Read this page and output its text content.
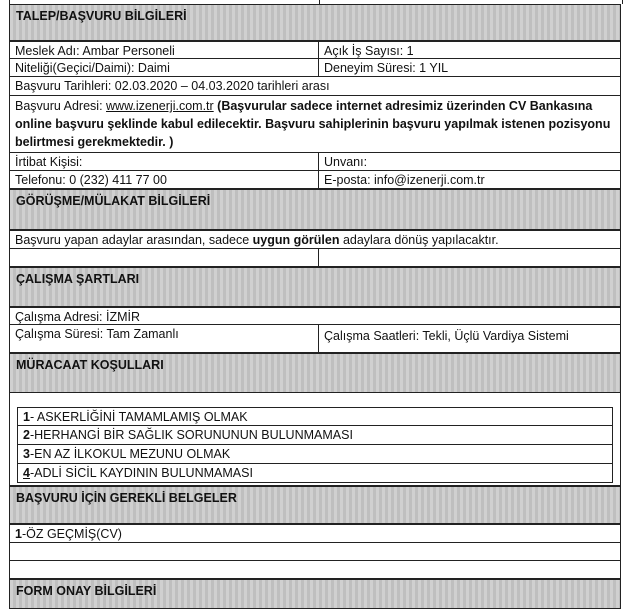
TALEP/BAŞVURU BİLGİLERİ
Meslek Adı: Ambar Personeli	Açık İş Sayısı: 1
Niteliği(Geçici/Daimi): Daimi	Deneyim Süresi: 1 YIL
Başvuru Tarihleri: 02.03.2020 – 04.03.2020 tarihleri arası
Başvuru Adresi: www.izenerji.com.tr (Başvurular sadece internet adresimiz üzerinden CV Bankasına online başvuru şeklinde kabul edilecektir. Başvuru sahiplerinin başvuru yapılmak istenen pozisyonu belirtmesi gerekmektedir. )
İrtibat Kişisi:	Unvanı:
Telefonu: 0 (232) 411 77 00	E-posta: info@izenerji.com.tr
GÖRÜŞME/MÜLAKAT BİLGİLERİ
Başvuru yapan adaylar arasından, sadece uygun görülen adaylara dönüş yapılacaktır.
ÇALIŞMA ŞARTLARI
Çalışma Adresi: İZMİR
Çalışma Süresi: Tam Zamanlı	Çalışma Saatleri: Tekli, Üçlü Vardiya Sistemi
MÜRACAAT KOŞULLARI
1- ASKERLİĞİNİ TAMAMLAMIŞ OLMAK
2-HERHANGİ BİR SAĞLIK SORUNUNUN BULUNMAMASI
3-EN AZ İLKOKUL MEZUNU OLMAK
4-ADLİ SİCİL KAYDININ BULUNMAMASI
BAŞVURU İÇİN GEREKLİ BELGELER
1-ÖZ GEÇMİŞ(CV)
FORM ONAY BİLGİLERİ
